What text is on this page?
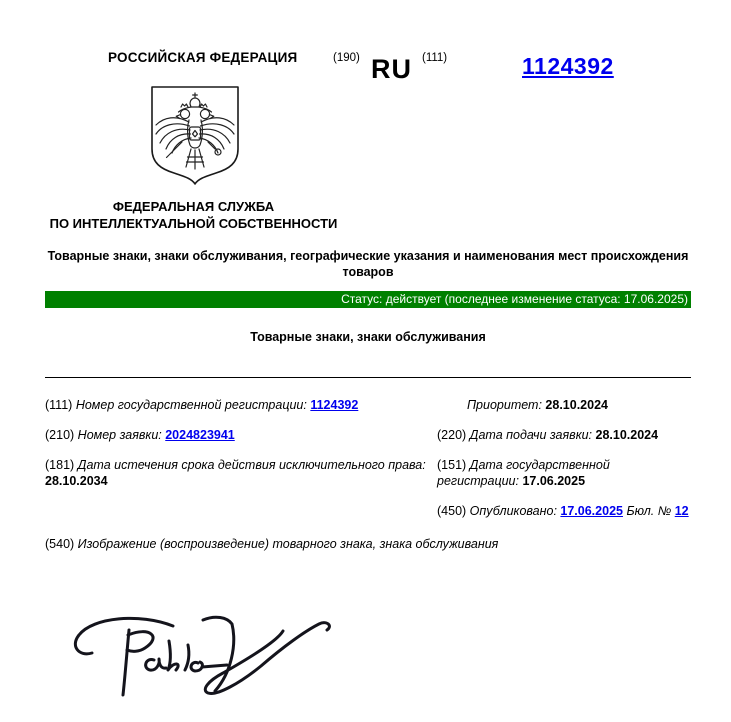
РОССИЙСКАЯ ФЕДЕРАЦИЯ	(190) RU (111)	1124392
ФЕДЕРАЛЬНАЯ СЛУЖБА
ПО ИНТЕЛЛЕКТУАЛЬНОЙ СОБСТВЕННОСТИ
Товарные знаки, знаки обслуживания, географические указания и наименования мест происхождения товаров
Статус: действует (последнее изменение статуса: 17.06.2025)
Товарные знаки, знаки обслуживания
(111) Номер государственной регистрации: 1124392	Приоритет: 28.10.2024
(210) Номер заявки: 2024823941	(220) Дата подачи заявки: 28.10.2024
(181) Дата истечения срока действия исключительного права: 28.10.2034
(151) Дата государственной регистрации: 17.06.2025
(450) Опубликовано: 17.06.2025 Бюл. № 12
(540) Изображение (воспроизведение) товарного знака, знака обслуживания
